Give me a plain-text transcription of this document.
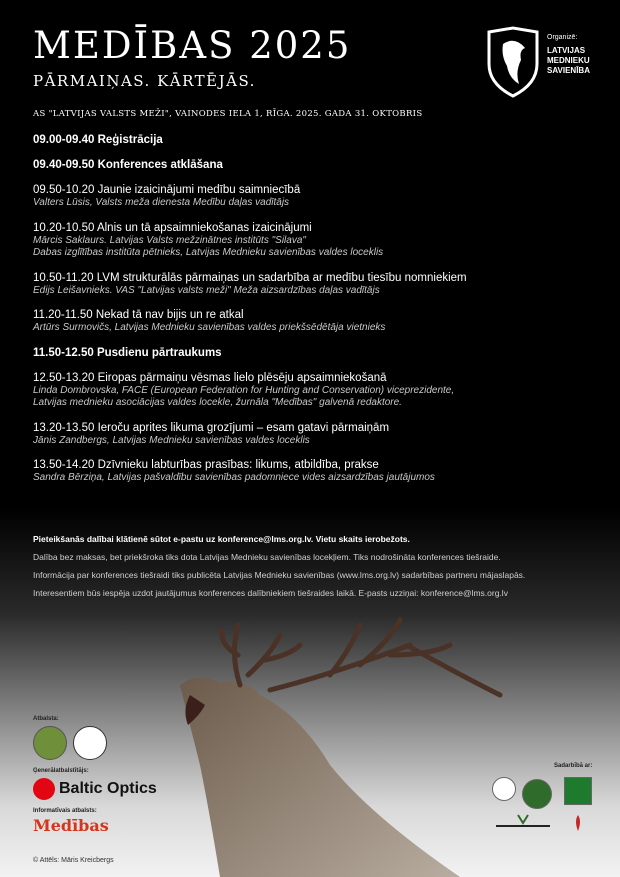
MEDĪBAS 2025
PĀRMAIŅAS. KĀRTĒJĀS.
AS "LATVIJAS VALSTS MEŽI", VAINODES IELA 1, RĪGA. 2025. GADA 31. OKTOBRIS
Organizē:
LATVIJAS
MEDNIEKU
SAVIENĪBA
09.00-09.40 Reģistrācija
09.40-09.50 Konferences atklāšana
09.50-10.20 Jaunie izaicinājumi medību saimniecībā
Valters Lūsis, Valsts meža dienesta Medību daļas vadītājs
10.20-10.50 Alnis un tā apsaimniekošanas izaicinājumi
Mārcis Saklaurs. Latvijas Valsts mežzinātnes institūts "Silava"
Dabas izglītības institūta pētnieks, Latvijas Mednieku savienības valdes loceklis
10.50-11.20 LVM strukturālās pārmaiņas un sadarbība ar medību tiesību nomniekiem
Edijs Leišavnieks. VAS "Latvijas valsts meži" Meža aizsardzības daļas vadītājs
11.20-11.50 Nekad tā nav bijis un re atkal
Artūrs Surmovičs, Latvijas Mednieku savienības valdes priekšsēdētāja vietnieks
11.50-12.50 Pusdienu pārtraukums
12.50-13.20 Eiropas pārmaiņu vēsmas lielo plēsēju apsaimniekošanā
Linda Dombrovska, FACE (European Federation for Hunting and Conservation) viceprezidente,
Latvijas mednieku asociācijas valdes locekle, žurnāla "Medības" galvenā redaktore.
13.20-13.50 Ieroču aprites likuma grozījumi – esam gatavi pārmaiņām
Jānis Zandbergs, Latvijas Mednieku savienības valdes loceklis
13.50-14.20 Dzīvnieku labturības prasības: likums, atbildība, prakse
Sandra Bērziņa, Latvijas pašvaldību savienības padomniece vides aizsardzības jautājumos
Pieteikšanās dalībai klātienē sūtot e-pastu uz konference@lms.org.lv. Vietu skaits ierobežots.
Dalība bez maksas, bet priekšroka tiks dota Latvijas Mednieku savienības locekļiem. Tiks nodrošināta konferences tiešraide.
Informācija par konferences tiešraidi tiks publicēta Latvijas Mednieku savienības (www.lms.org.lv) sadarbības partneru mājaslapās.
Interesentiem būs iespēja uzdot jautājumus konferences dalībniekiem tiešraides laikā. E-pasts uzziņai: konference@lms.org.lv
Atbalsta:
Ģenerālatbalstītājs:
Baltic Optics
Informatīvais atbalsts:
Medības
Sadarbībā ar:
© Attēls: Māris Kreicbergs
